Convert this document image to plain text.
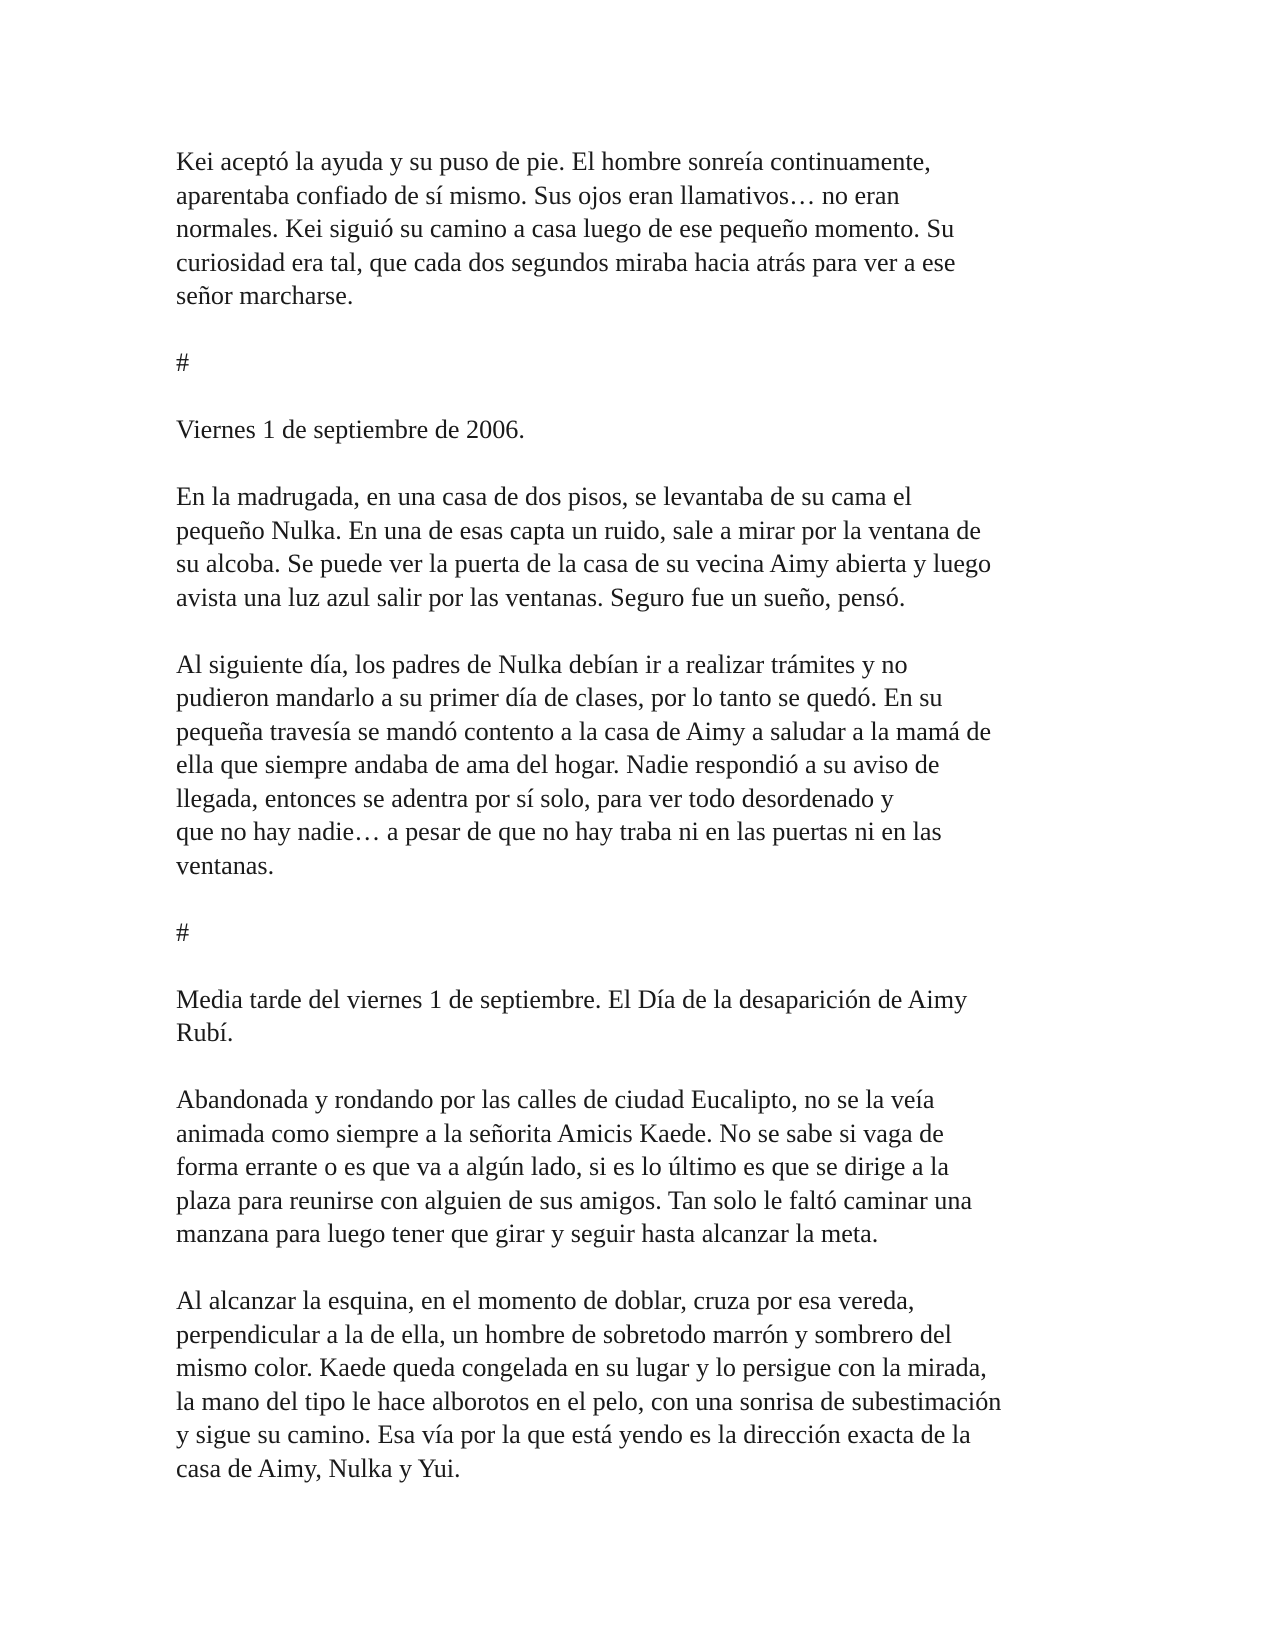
Kei aceptó la ayuda y su puso de pie. El hombre sonreía continuamente,
aparentaba confiado de sí mismo. Sus ojos eran llamativos… no eran
normales. Kei siguió su camino a casa luego de ese pequeño momento. Su
curiosidad era tal, que cada dos segundos miraba hacia atrás para ver a ese
señor marcharse.

#

Viernes 1 de septiembre de 2006.

En la madrugada, en una casa de dos pisos, se levantaba de su cama el
pequeño Nulka. En una de esas capta un ruido, sale a mirar por la ventana de
su alcoba. Se puede ver la puerta de la casa de su vecina Aimy abierta y luego
avista una luz azul salir por las ventanas. Seguro fue un sueño, pensó.

Al siguiente día, los padres de Nulka debían ir a realizar trámites y no
pudieron mandarlo a su primer día de clases, por lo tanto se quedó. En su
pequeña travesía se mandó contento a la casa de Aimy a saludar a la mamá de
ella que siempre andaba de ama del hogar. Nadie respondió a su aviso de
llegada, entonces se adentra por sí solo, para ver todo desordenado y
que no hay nadie… a pesar de que no hay traba ni en las puertas ni en las
ventanas.

#

Media tarde del viernes 1 de septiembre. El Día de la desaparición de Aimy
Rubí.

Abandonada y rondando por las calles de ciudad Eucalipto, no se la veía
animada como siempre a la señorita Amicis Kaede. No se sabe si vaga de
forma errante o es que va a algún lado, si es lo último es que se dirige a la
plaza para reunirse con alguien de sus amigos. Tan solo le faltó caminar una
manzana para luego tener que girar y seguir hasta alcanzar la meta.

Al alcanzar la esquina, en el momento de doblar, cruza por esa vereda,
perpendicular a la de ella, un hombre de sobretodo marrón y sombrero del
mismo color. Kaede queda congelada en su lugar y lo persigue con la mirada,
la mano del tipo le hace alborotos en el pelo, con una sonrisa de subestimación
y sigue su camino. Esa vía por la que está yendo es la dirección exacta de la
casa de Aimy, Nulka y Yui.
